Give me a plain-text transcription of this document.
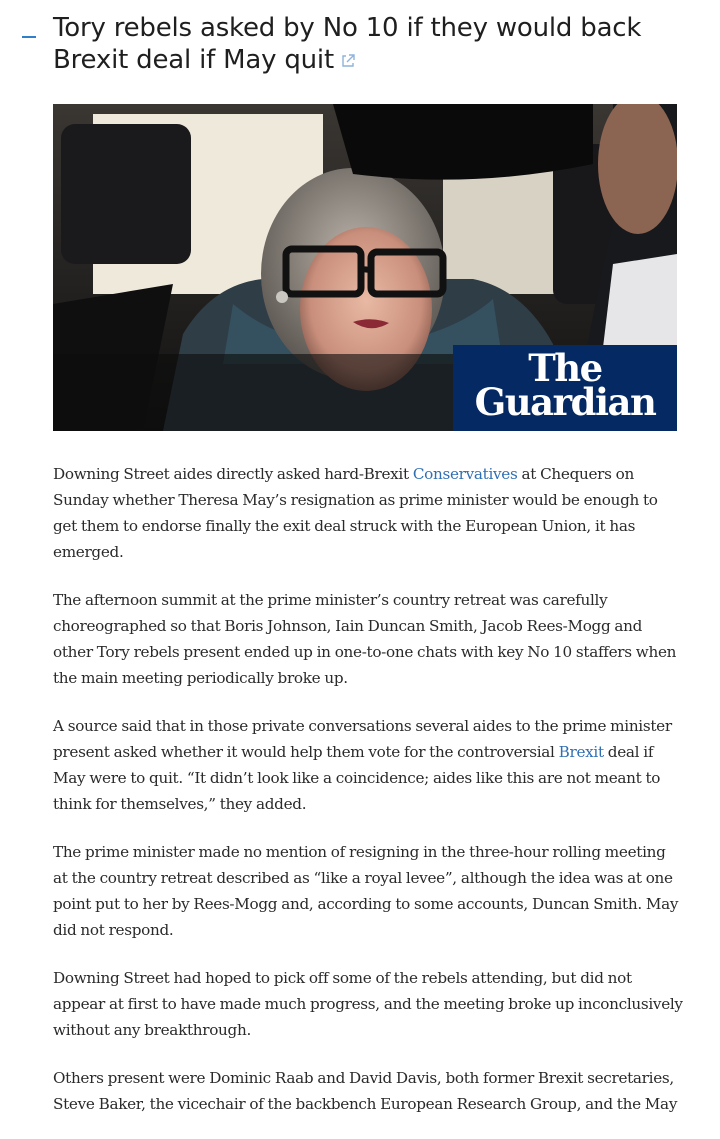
Tory rebels asked by No 10 if they would back Brexit deal if May quit
The
Guardian

Downing Street aides directly asked hard-Brexit Conservatives at Chequers on Sunday whether Theresa May’s resignation as prime minister would be enough to get them to endorse finally the exit deal struck with the European Union, it has emerged.

The afternoon summit at the prime minister’s country retreat was carefully choreographed so that Boris Johnson, Iain Duncan Smith, Jacob Rees-Mogg and other Tory rebels present ended up in one-to-one chats with key No 10 staffers when the main meeting periodically broke up.

A source said that in those private conversations several aides to the prime minister present asked whether it would help them vote for the controversial Brexit deal if May were to quit. “It didn’t look like a coincidence; aides like this are not meant to think for themselves,” they added.

The prime minister made no mention of resigning in the three-hour rolling meeting at the country retreat described as “like a royal levee”, although the idea was at one point put to her by Rees-Mogg and, according to some accounts, Duncan Smith. May did not respond.

Downing Street had hoped to pick off some of the rebels attending, but did not appear at first to have made much progress, and the meeting broke up inconclusively without any breakthrough.

Others present were Dominic Raab and David Davis, both former Brexit secretaries, Steve Baker, the vicechair of the backbench European Research Group, and the May
